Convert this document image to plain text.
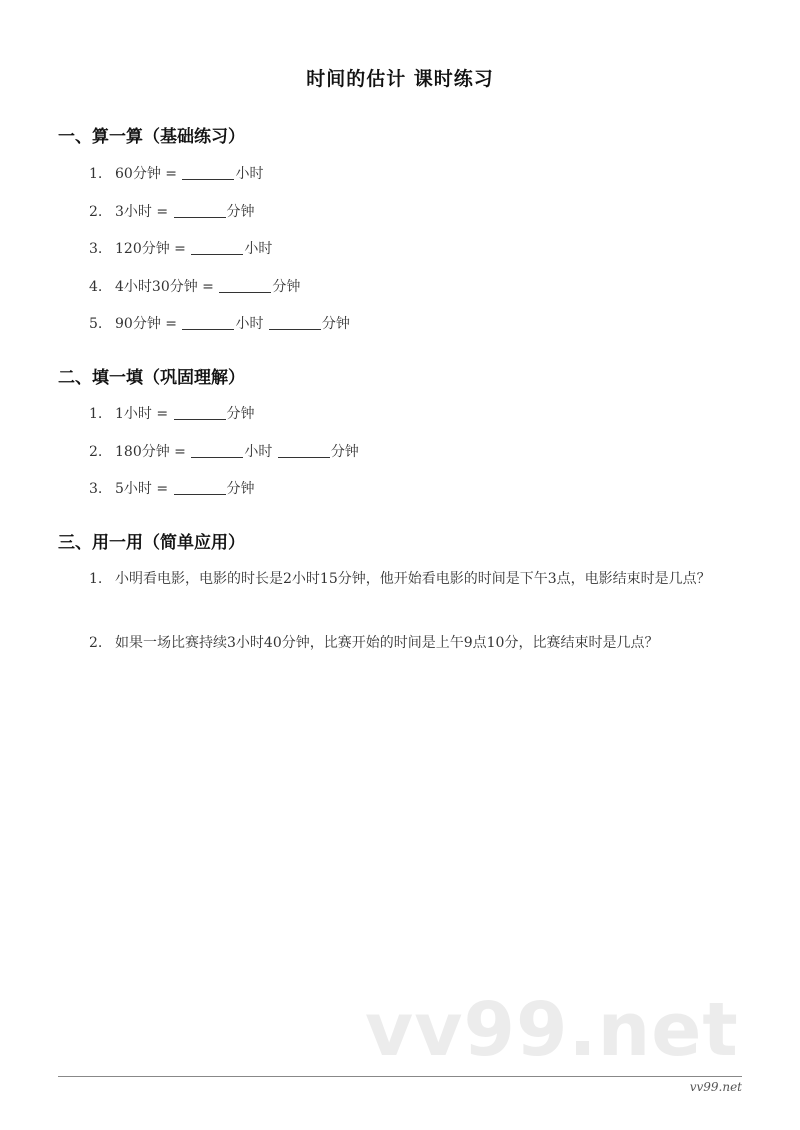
时间的估计 课时练习
一、算一算（基础练习）
1. 60分钟 =	小时
2. 3小时 =	分钟
3. 120分钟 =	小时
4. 4小时30分钟 =	分钟
5. 90分钟 =	小时	分钟
二、填一填（巩固理解）
1. 1小时 =	分钟
2. 180分钟 =	小时	分钟
3. 5小时 =	分钟
三、用一用（简单应用）
1. 小明看电影，电影的时长是2小时15分钟，他开始看电影的时间是下午3点，电影结束时是几点？
2. 如果一场比赛持续3小时40分钟，比赛开始的时间是上午9点10分，比赛结束时是几点？
vv99.net
vv99.net
